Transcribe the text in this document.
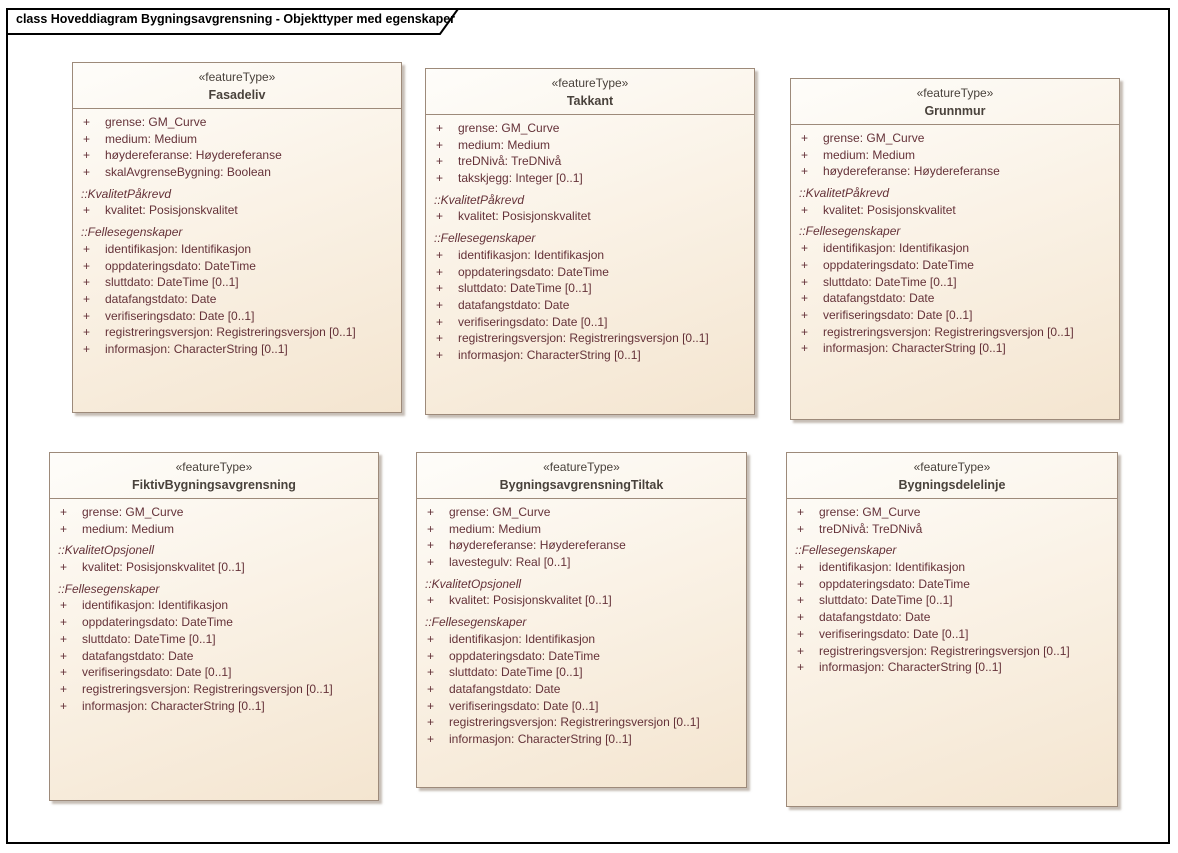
class Hoveddiagram Bygningsavgrensning - Objekttyper med egenskaper
«featureType»
Fasadeliv
+	grense: GM_Curve
+	medium: Medium
+	høydereferanse: Høydereferanse
+	skalAvgrenseBygning: Boolean
::KvalitetPåkrevd
+	kvalitet: Posisjonskvalitet
::Fellesegenskaper
+	identifikasjon: Identifikasjon
+	oppdateringsdato: DateTime
+	sluttdato: DateTime [0..1]
+	datafangstdato: Date
+	verifiseringsdato: Date [0..1]
+	registreringsversjon: Registreringsversjon [0..1]
+	informasjon: CharacterString [0..1]
«featureType»
Takkant
+	grense: GM_Curve
+	medium: Medium
+	treDNivå: TreDNivå
+	takskjegg: Integer [0..1]
::KvalitetPåkrevd
+	kvalitet: Posisjonskvalitet
::Fellesegenskaper
+	identifikasjon: Identifikasjon
+	oppdateringsdato: DateTime
+	sluttdato: DateTime [0..1]
+	datafangstdato: Date
+	verifiseringsdato: Date [0..1]
+	registreringsversjon: Registreringsversjon [0..1]
+	informasjon: CharacterString [0..1]
«featureType»
Grunnmur
+	grense: GM_Curve
+	medium: Medium
+	høydereferanse: Høydereferanse
::KvalitetPåkrevd
+	kvalitet: Posisjonskvalitet
::Fellesegenskaper
+	identifikasjon: Identifikasjon
+	oppdateringsdato: DateTime
+	sluttdato: DateTime [0..1]
+	datafangstdato: Date
+	verifiseringsdato: Date [0..1]
+	registreringsversjon: Registreringsversjon [0..1]
+	informasjon: CharacterString [0..1]
«featureType»
FiktivBygningsavgrensning
+	grense: GM_Curve
+	medium: Medium
::KvalitetOpsjonell
+	kvalitet: Posisjonskvalitet [0..1]
::Fellesegenskaper
+	identifikasjon: Identifikasjon
+	oppdateringsdato: DateTime
+	sluttdato: DateTime [0..1]
+	datafangstdato: Date
+	verifiseringsdato: Date [0..1]
+	registreringsversjon: Registreringsversjon [0..1]
+	informasjon: CharacterString [0..1]
«featureType»
BygningsavgrensningTiltak
+	grense: GM_Curve
+	medium: Medium
+	høydereferanse: Høydereferanse
+	lavestegulv: Real [0..1]
::KvalitetOpsjonell
+	kvalitet: Posisjonskvalitet [0..1]
::Fellesegenskaper
+	identifikasjon: Identifikasjon
+	oppdateringsdato: DateTime
+	sluttdato: DateTime [0..1]
+	datafangstdato: Date
+	verifiseringsdato: Date [0..1]
+	registreringsversjon: Registreringsversjon [0..1]
+	informasjon: CharacterString [0..1]
«featureType»
Bygningsdelelinje
+	grense: GM_Curve
+	treDNivå: TreDNivå
::Fellesegenskaper
+	identifikasjon: Identifikasjon
+	oppdateringsdato: DateTime
+	sluttdato: DateTime [0..1]
+	datafangstdato: Date
+	verifiseringsdato: Date [0..1]
+	registreringsversjon: Registreringsversjon [0..1]
+	informasjon: CharacterString [0..1]
